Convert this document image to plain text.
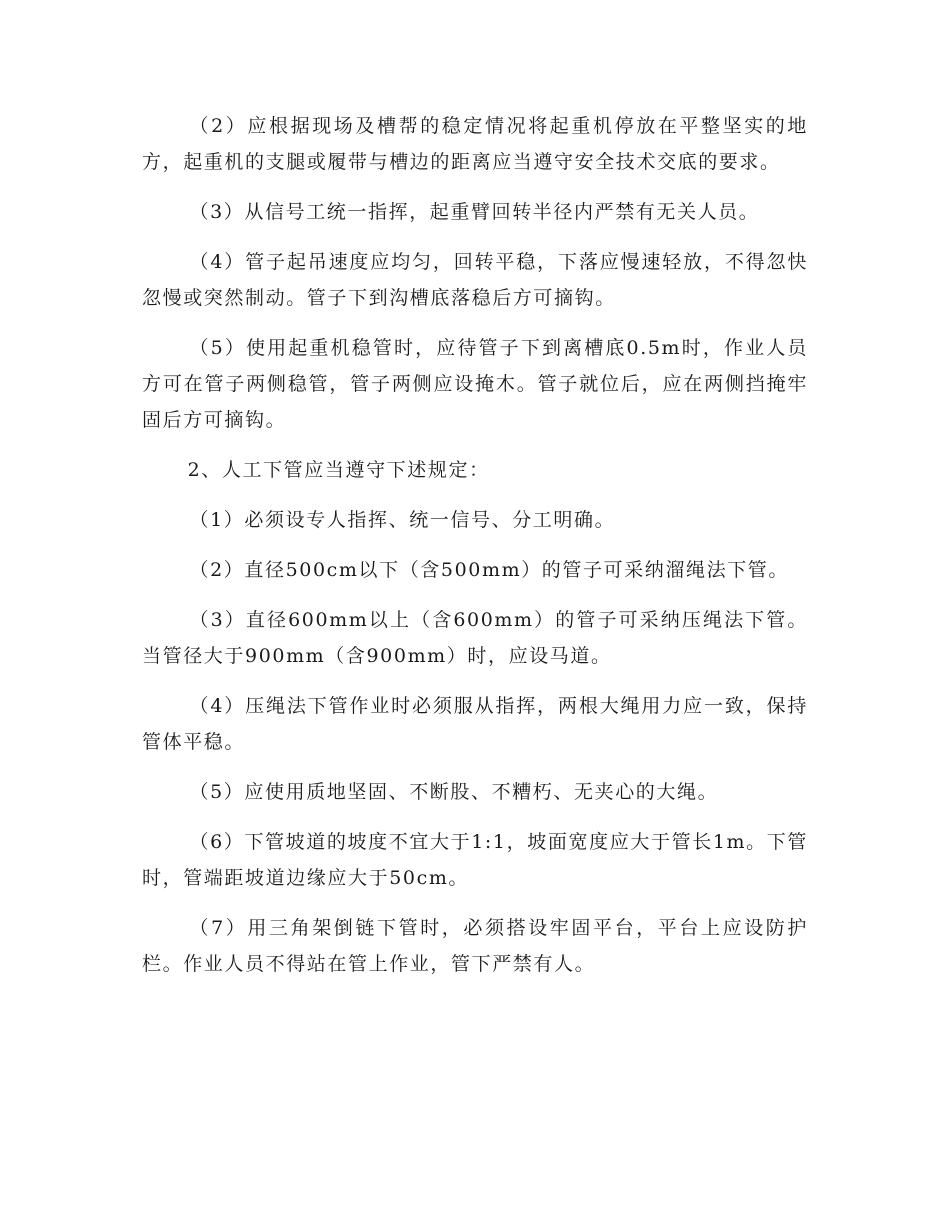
（2）应根据现场及槽帮的稳定情况将起重机停放在平整坚实的地方，起重机的支腿或履带与槽边的距离应当遵守安全技术交底的要求。

（3）从信号工统一指挥，起重臂回转半径内严禁有无关人员。

（4）管子起吊速度应均匀，回转平稳，下落应慢速轻放，不得忽快忽慢或突然制动。管子下到沟槽底落稳后方可摘钩。

（5）使用起重机稳管时，应待管子下到离槽底0.5m时，作业人员方可在管子两侧稳管，管子两侧应设掩木。管子就位后，应在两侧挡掩牢固后方可摘钩。

2、人工下管应当遵守下述规定：

（1）必须设专人指挥、统一信号、分工明确。

（2）直径500cm以下（含500mm）的管子可采纳溜绳法下管。

（3）直径600mm以上（含600mm）的管子可采纳压绳法下管。当管径大于900mm（含900mm）时，应设马道。

（4）压绳法下管作业时必须服从指挥，两根大绳用力应一致，保持管体平稳。

（5）应使用质地坚固、不断股、不糟朽、无夹心的大绳。

（6）下管坡道的坡度不宜大于1:1，坡面宽度应大于管长1m。下管时，管端距坡道边缘应大于50cm。

（7）用三角架倒链下管时，必须搭设牢固平台，平台上应设防护栏。作业人员不得站在管上作业，管下严禁有人。
